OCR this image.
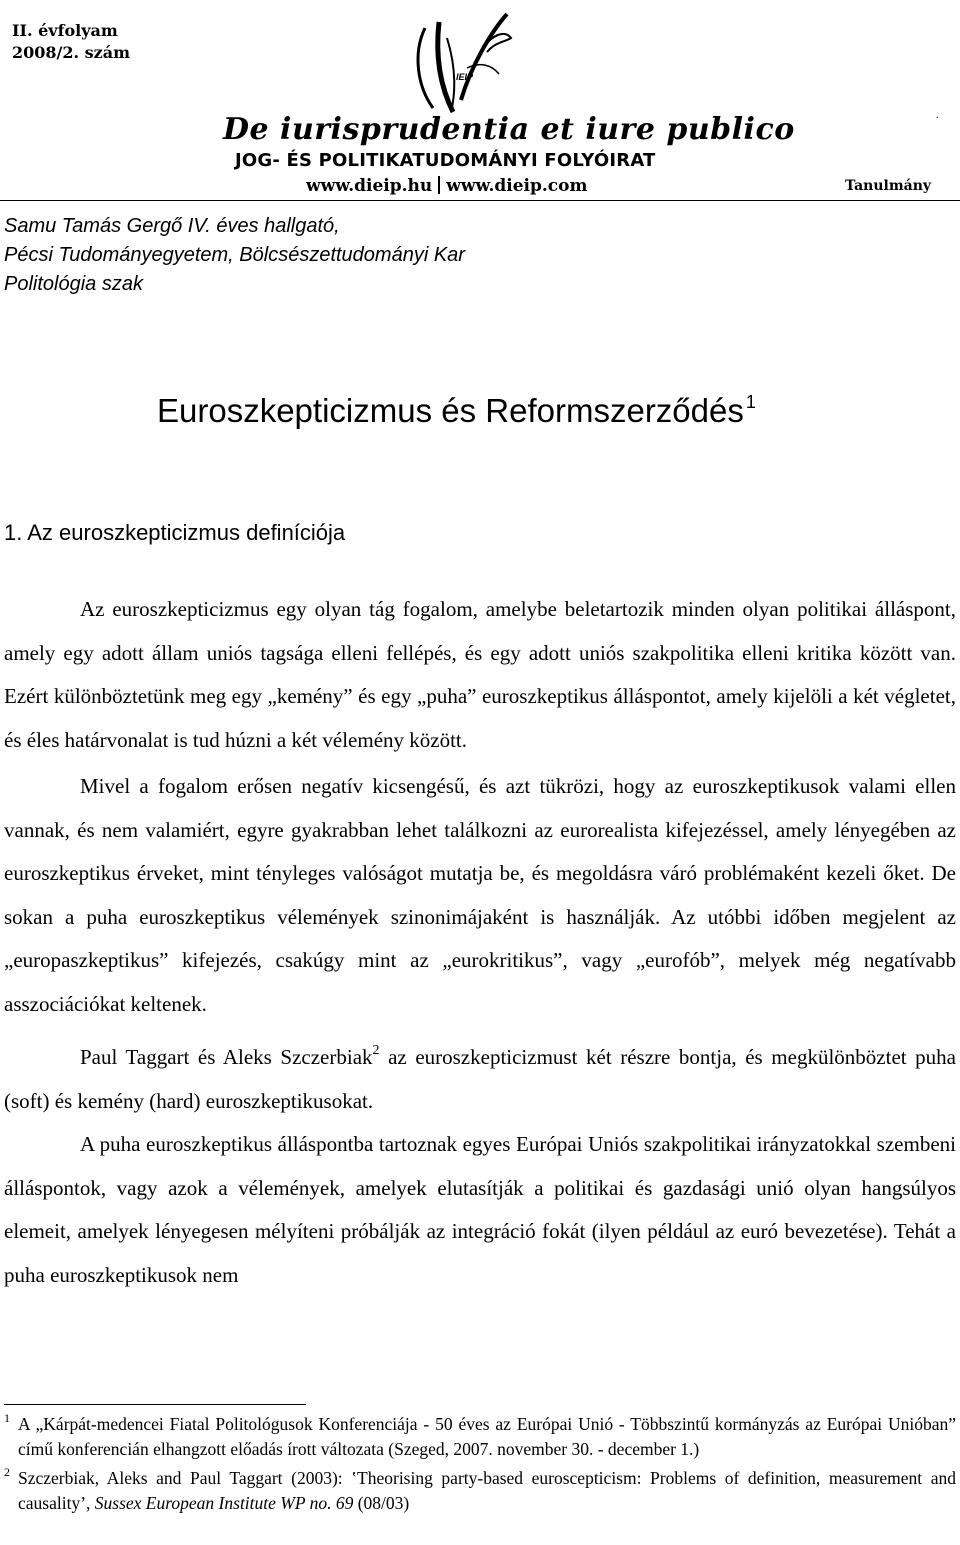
II. évfolyam
2008/2. szám
IEIP
De iurisprudentia et iure publico
JOG- ÉS POLITIKATUDOMÁNYI FOLYÓIRAT
www.dieip.hu www.dieip.com	Tanulmány
.
Samu Tamás Gergő IV. éves hallgató,
Pécsi Tudományegyetem, Bölcsészettudományi Kar
Politológia szak
Euroszkepticizmus és Reformszerződés $^1$
1. Az euroszkepticizmus definíciója

Az euroszkepticizmus egy olyan tág fogalom, amelybe beletartozik minden olyan politikai álláspont, amely egy adott állam uniós tagsága elleni fellépés, és egy adott uniós szakpolitika elleni kritika között van. Ezért különböztetünk meg egy „kemény” és egy „puha” euroszkeptikus álláspontot, amely kijelöli a két végletet, és éles határvonalat is tud húzni a két vélemény között.

Mivel a fogalom erősen negatív kicsengésű, és azt tükrözi, hogy az euroszkeptikusok valami ellen vannak, és nem valamiért, egyre gyakrabban lehet találkozni az eurorealista kifejezéssel, amely lényegében az euroszkeptikus érveket, mint tényleges valóságot mutatja be, és megoldásra váró problémaként kezeli őket. De sokan a puha euroszkeptikus vélemények szinonimájaként is használják. Az utóbbi időben megjelent az „europaszkeptikus” kifejezés, csakúgy mint az „eurokritikus”, vagy „eurofób”, melyek még negatívabb asszociációkat keltenek.

Paul Taggart és Aleks Szczerbiak$^2$ az euroszkepticizmust két részre bontja, és megkülönböztet puha (soft) és kemény (hard) euroszkeptikusokat.

A puha euroszkeptikus álláspontba tartoznak egyes Európai Uniós szakpolitikai irányzatokkal szembeni álláspontok, vagy azok a vélemények, amelyek elutasítják a politikai és gazdasági unió olyan hangsúlyos elemeit, amelyek lényegesen mélyíteni próbálják az integráció fokát (ilyen például az euró bevezetése). Tehát a puha euroszkeptikusok nem

1 A „Kárpát-medencei Fiatal Politológusok Konferenciája - 50 éves az Európai Unió - Többszintű kormányzás az Európai Unióban” című konferencián elhangzott előadás írott változata (Szeged, 2007. november 30. - december 1.)
2 Szczerbiak, Aleks and Paul Taggart (2003): ‛Theorising party-based euroscepticism: Problems of definition, measurement and causality’, Sussex European Institute WP no. 69 (08/03)
